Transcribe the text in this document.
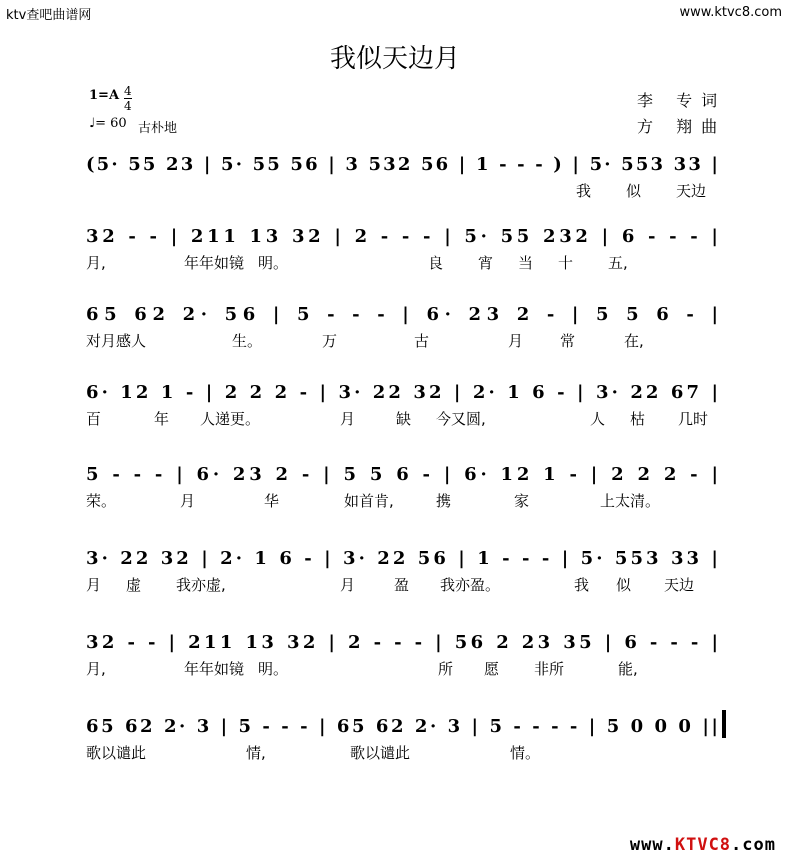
ktv查吧曲谱网	www.ktvc8.com
我似天边月
1=A 4
4
♩= 60 古朴地
李 专词
方 翔曲
(5· 55 23 | 5· 55 56 | 3 532 56 | 1 - - - ) | 5· 553 33 |
我 似 天边
32 - - | 211 13 32 | 2 - - - | 5· 55 232 | 6 - - - |
月,	年年如镜 明。	良 宵 当 十 五,
65 62 2· 56 | 5 - - - | 6· 23 2 - | 5 5 6 - |
对月感人	生。	万	古	月 常	在,
6· 12 1 - | 2 2 2 - | 3· 22 32 | 2· 1 6 - | 3· 22 67 |
百	年 人递更。	月	缺 今又圆,	人 枯 几时
5 - - - | 6· 23 2 - | 5 5 6 - | 6· 12 1 - | 2 2 2 - |
荣。	月	华	如首肯,	携	家	上太清。
3· 22 32 | 2· 1 6 - | 3· 22 56 | 1 - - - | 5· 553 33 |
月 虚 我亦虚,	月	盈 我亦盈。	我 似 天边
32 - - | 211 13 32 | 2 - - - | 56 2 23 35 | 6 - - - |
月,	年年如镜 明。	所 愿 非所	能,
65 62 2· 3 | 5 - - - | 65 62 2· 3 | 5 - - - - | 5 0 0 0 ||
歌以谴此	情,	歌以谴此	情。
www.KTVC8.com
